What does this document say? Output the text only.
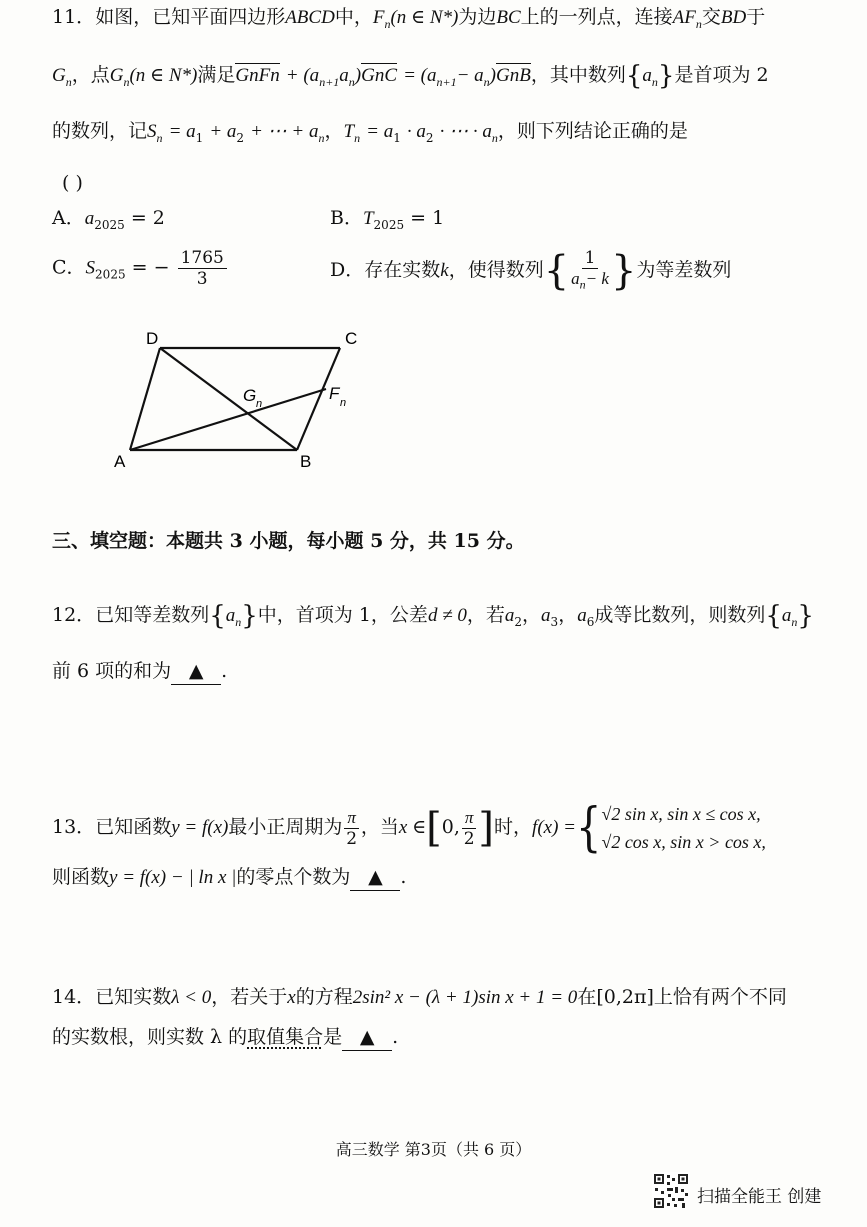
11．如图，已知平面四边形ABCD中，$F_n(n$ ∈ N*)为边BC上的一列点，连接$AF_n$交BD于
$G_n$，点$G_n(n$ ∈ N*)满足GnFn + $(a_{n+1}a_n)GnC = (a_{n+1}- a_n)GnB$，其中数列$\{a_n\}$是首项为 2
的数列，记$S_n = a_1 + a_2$ + ⋯ + $a_n$，$T_n = a_1 \cdot a_2$ · ⋯ · $a_n$，则下列结论正确的是
( )
A．$a_{2025} = 2$	B．$T_{2025} = 1$
C．$S_{2025}$ = − $\frac{1765}{3}$	D．存在实数k，使得数列{ $\frac{1}{a_n- k}$ }为等差数列
A	B
C
D
G n
F n
三、填空题：本题共 3 小题，每小题 5 分，共 15 分。
12．已知等差数列$\{a_n\}$中，首项为 1，公差d ≠ 0，若$a_2$，$a_3$，$a_6$成等比数列，则数列$\{a_n\}$
前 6 项的和为 ▲ .
13．已知函数y = f(x)最小正周期为 $\frac{\pi}{2}$ ，当x ∈[0, $\frac{\pi}{2}$ ]时，f(x) ={ √2 sin x, sin x ≤ cos x,
√2 cos x, sin x > cos x,
则函数y = f(x) − | ln x |的零点个数为 ▲ .
14．已知实数λ < 0，若关于x的方程2sin² x − (λ + 1)sin x + 1 = 0在[0,2π]上恰有两个不同
的实数根，则实数 λ 的取值集合是 ▲ .
高三数学 第3页（共 6 页）
扫描全能王 创建
